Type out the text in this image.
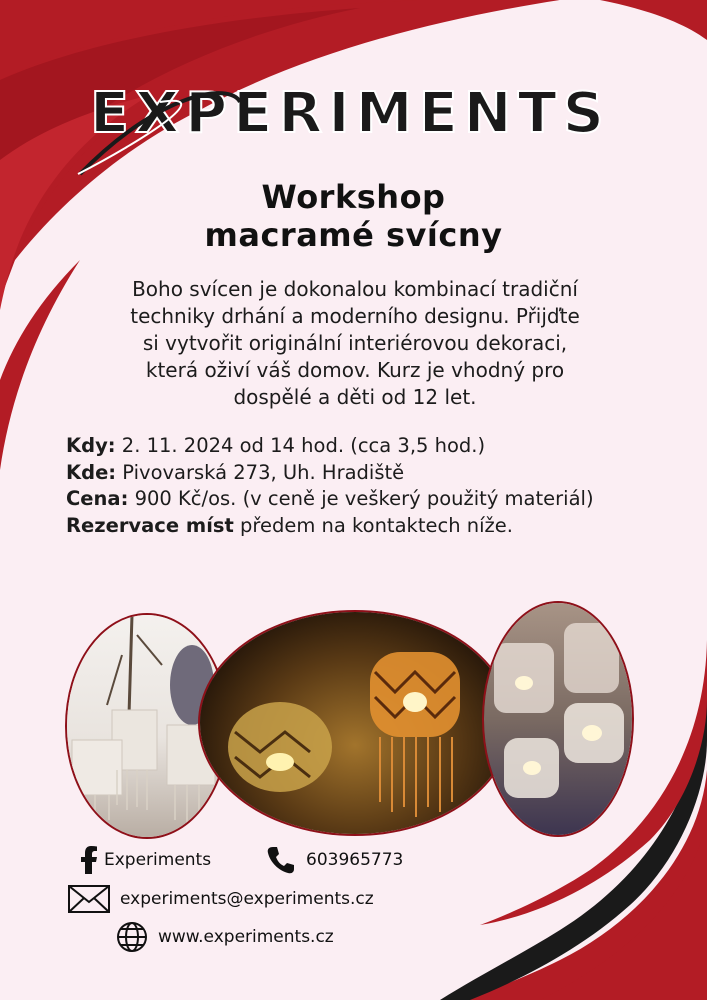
EXPERIMENTS
Workshop
macramé svícny
Boho svícen je dokonalou kombinací tradiční
techniky drhání a moderního designu. Přijďte
si vytvořit originální interiérovou dekoraci,
která oživí váš domov. Kurz je vhodný pro
dospělé a děti od 12 let.
Kdy: 2. 11. 2024 od 14 hod. (cca 3,5 hod.)
Kde: Pivovarská 273, Uh. Hradiště
Cena: 900 Kč/os. (v ceně je veškerý použitý materiál)
Rezervace míst předem na kontaktech níže.
Experiments	603965773
experiments@experiments.cz
www.experiments.cz
